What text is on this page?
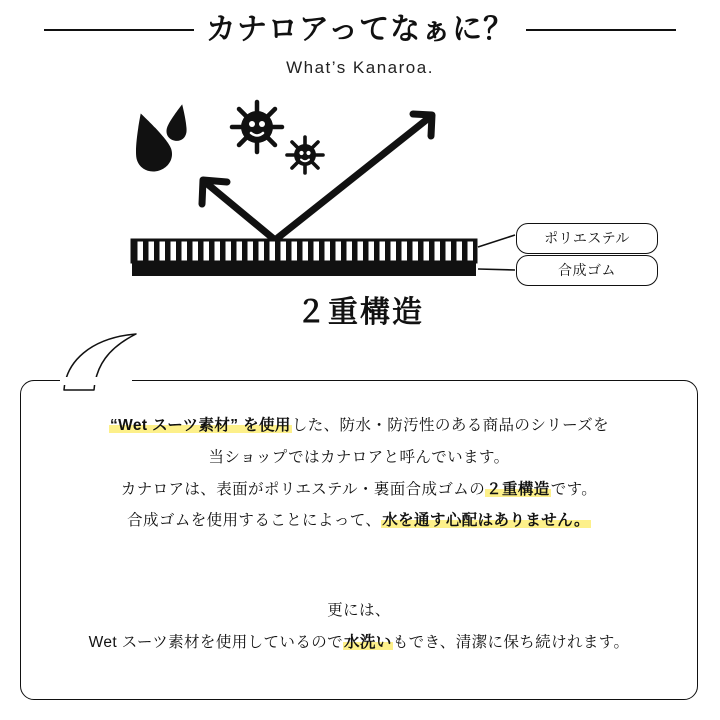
カナロアってなぁに？
What’s Kanaroa.
ポリエステル
合成ゴム
２重構造
“Wet スーツ素材” を使用した、防水・防汚性のある商品のシリーズを
当ショップではカナロアと呼んでいます。
カナロアは、表面がポリエステル・裏面合成ゴムの２重構造です。
合成ゴムを使用することによって、水を通す心配はありません。
更には、
Wet スーツ素材を使用しているので水洗いもでき、清潔に保ち続けれます。
